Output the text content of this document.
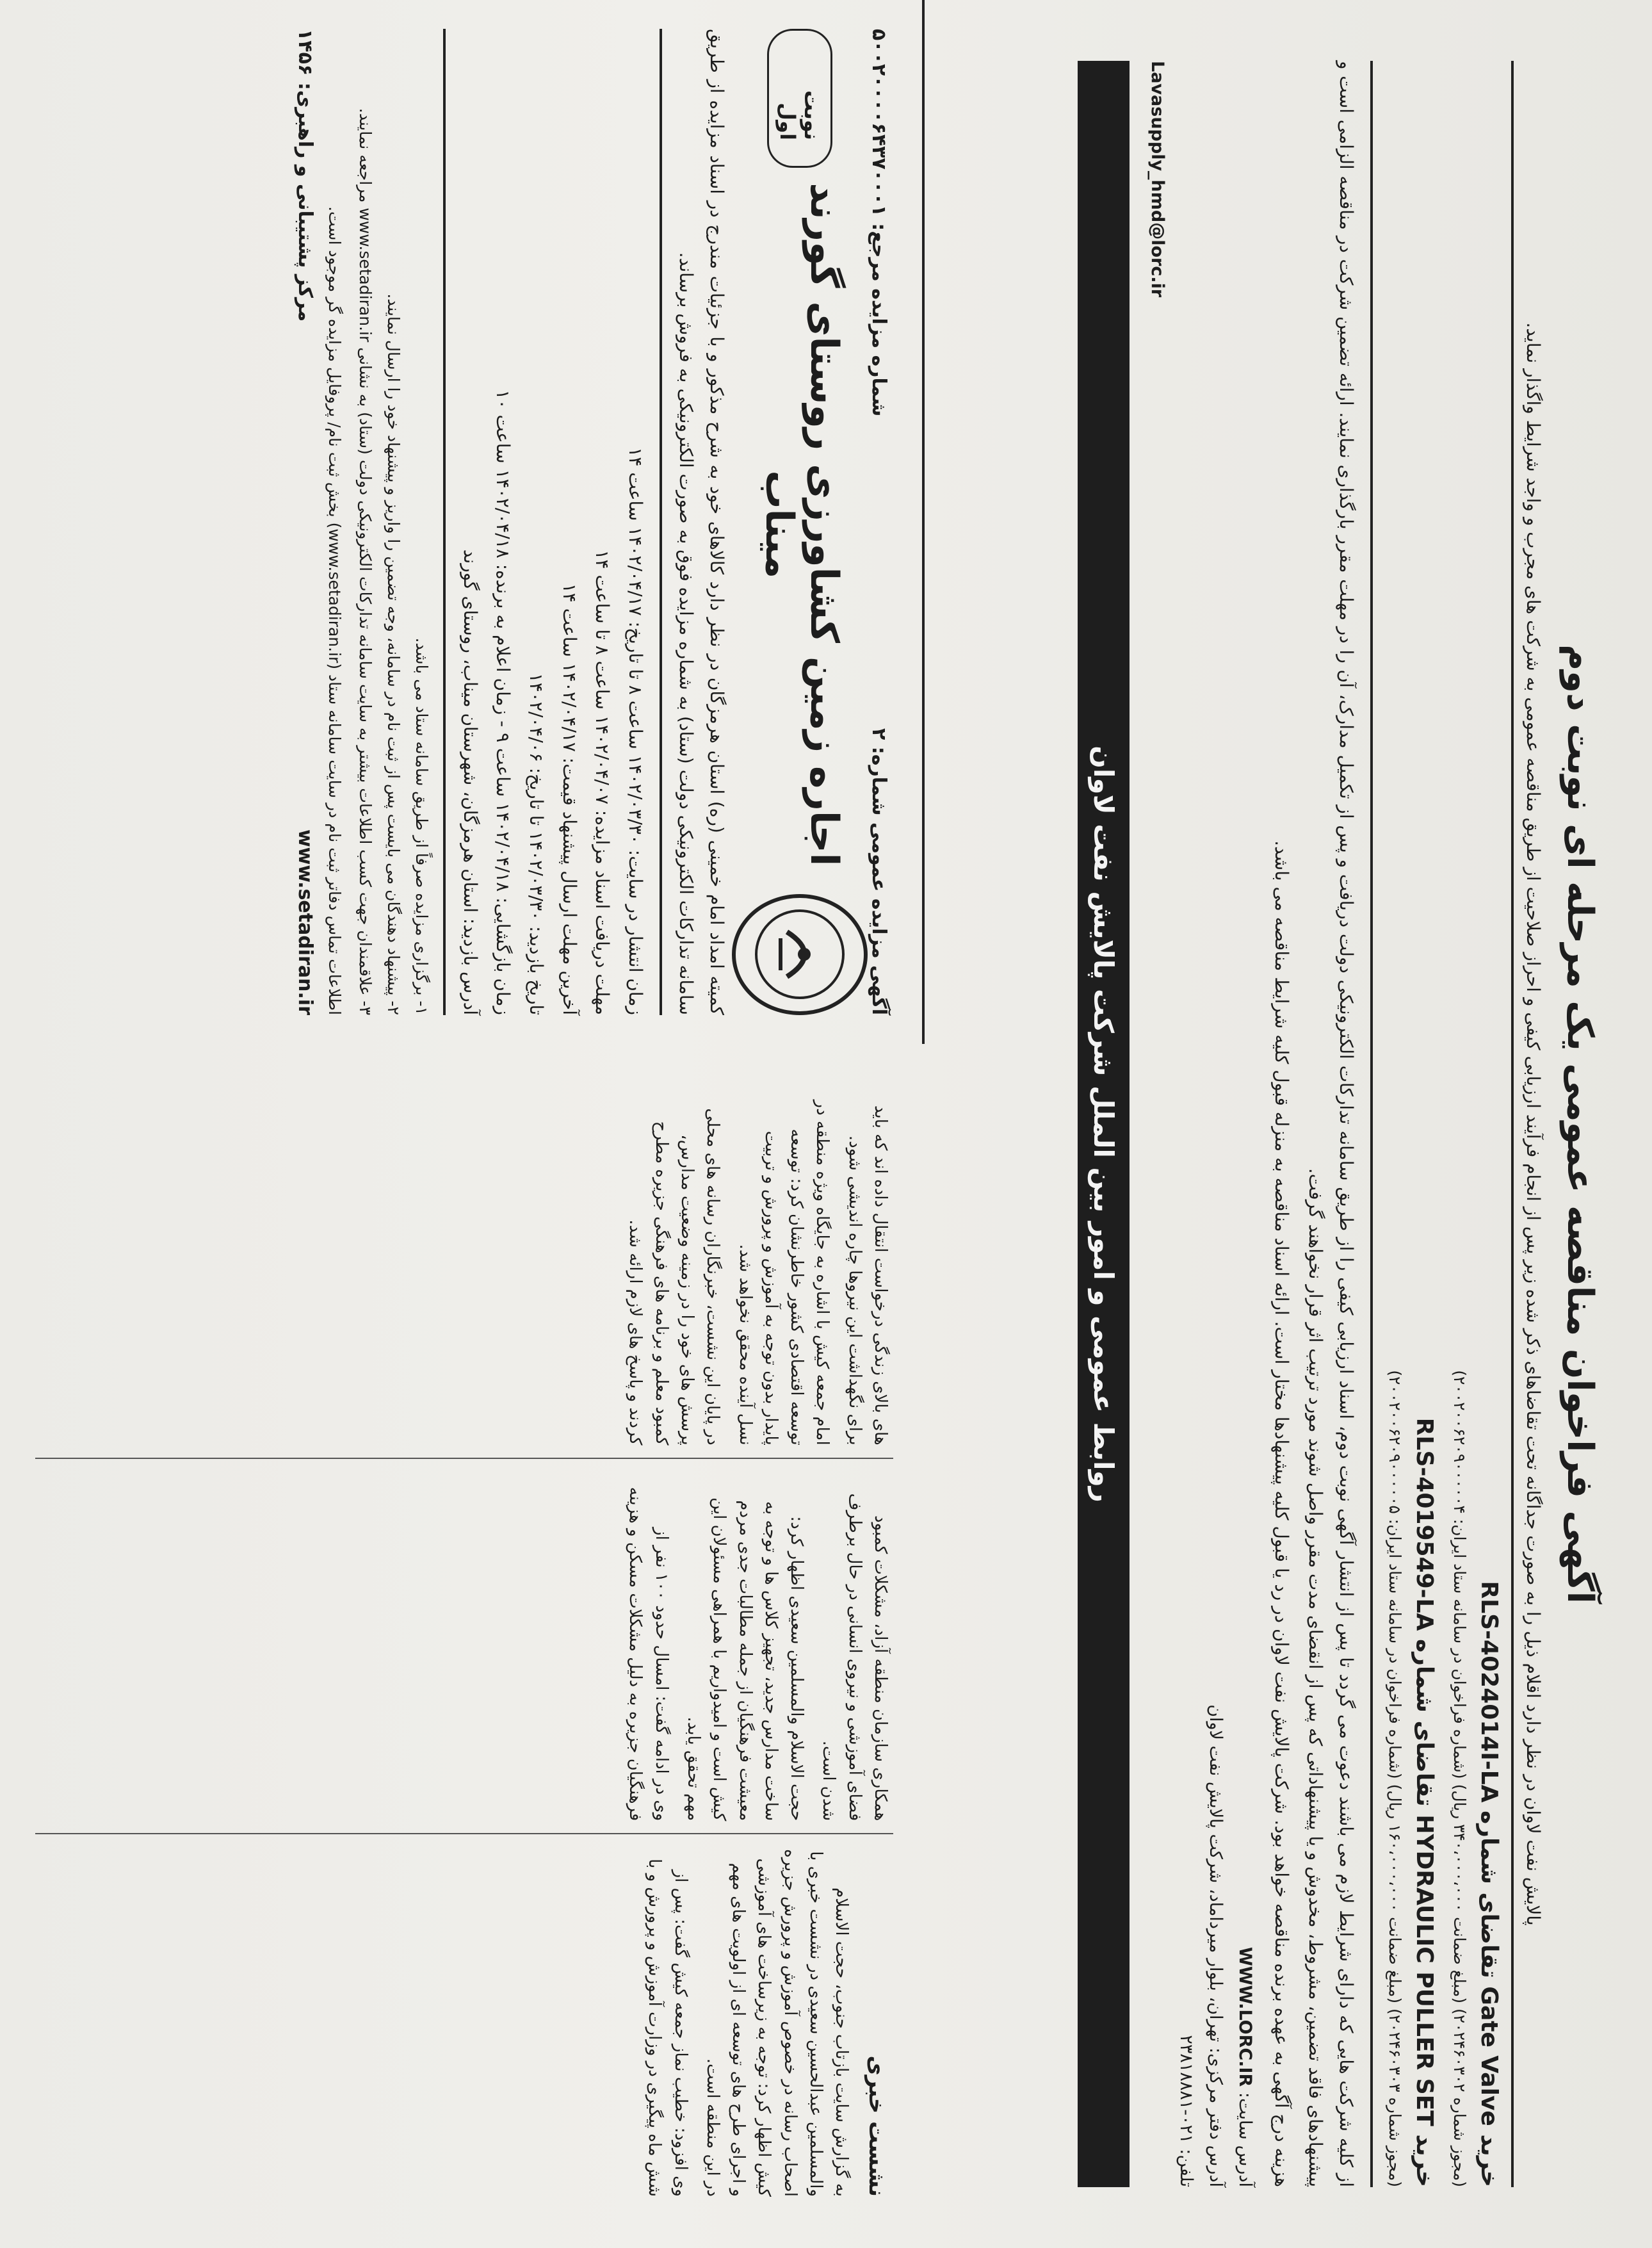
آگهی مزایده عمومی شماره: ۲
شماره مزایده مرجع: ۵۰۰۲۰۰۰۰۶۴۳۷۰۰۰۱
اجاره زمین کشاورزی روستای گورند میناب
نوبت اول
کمیته امداد امام خمینی (ره) استان هرمزگان در نظر دارد کالاهای خود به شرح مذکور و با جزئیات مندرج در اسناد مزایده از طریق سامانه تدارکات الکترونیکی دولت (ستاد) به شماره مزایده فوق به صورت الکترونیکی به فروش برساند.
زمان انتشار در سایت: ۱۴۰۲/۰۳/۳۰ ساعت ۸ تا تاریخ: ۱۴۰۲/۰۴/۱۷ ساعت ۱۴
مهلت دریافت اسناد مزایده: ۱۴۰۲/۰۴/۰۷ ساعت ۸ تا ساعت ۱۴
آخرین مهلت ارسال پیشنهاد قیمت: ۱۴۰۲/۰۴/۱۷ ساعت ۱۴
تاریخ بازدید: ۱۴۰۲/۰۳/۳۰ تا تاریخ: ۱۴۰۲/۰۴/۰۶
زمان بازگشایی: ۱۴۰۲/۰۴/۱۸ ساعت ۹ - زمان اعلام به برنده: ۱۴۰۲/۰۴/۱۸ ساعت ۱۰
آدرس بازدید: استان هرمزگان، شهرستان میناب، روستای گورند
۱- برگزاری مزایده صرفاً از طریق سامانه ستاد می باشد.
۲- پیشنهاد دهندگان می بایست پس از ثبت نام در سامانه، وجه تضمین را واریز و پیشنهاد خود را ارسال نمایند.
۳- علاقمندان جهت کسب اطلاعات بیشتر به سایت سامانه تدارکات الکترونیکی دولت (ستاد) به نشانی www.setadiran.ir مراجعه نمایند.
اطلاعات تماس دفاتر ثبت نام در سایت سامانه ستاد (www.setadiran.ir) بخش ثبت نام/ پروفایل مزایده گر موجود است.
www.setadiran.ir
مرکز پشتیبانی و راهبری: ۱۴۵۶
نشست خبری

به گزارش سایت بازتاب جنوب، حجت الاسلام والمسلمین عبدالحسین سعیدی در نشست خبری با اصحاب رسانه در خصوص آموزش و پرورش جزیره کیش اظهار کرد: توجه به زیرساخت های آموزشی و اجرای طرح های توسعه ای از اولویت های مهم در این منطقه است.

وی افزود: خطیب نماز جمعه کیش گفت: پس از شش ماه پیگیری در وزارت آموزش و پرورش و با همکاری سازمان منطقه آزاد، مشکلات کمبود فضای آموزشی و نیروی انسانی در حال برطرف شدن است.

حجت الاسلام والمسلمین سعیدی اظهار کرد: ساخت مدارس جدید، تجهیز کلاس ها و توجه به معیشت فرهنگیان از جمله مطالبات جدی مردم کیش است و امیدواریم با همراهی مسئولان این مهم تحقق یابد.

وی در ادامه گفت: امسال حدود ۱۰۰ نفر از فرهنگیان جزیره به دلیل مشکلات مسکن و هزینه های بالای زندگی درخواست انتقال داده اند که باید برای نگهداشت این نیروها چاره اندیشی شود.

امام جمعه کیش با اشاره به جایگاه ویژه منطقه در توسعه اقتصادی کشور خاطرنشان کرد: توسعه پایدار بدون توجه به آموزش و پرورش و تربیت نسل آینده محقق نخواهد شد.

در پایان این نشست، خبرنگاران رسانه های محلی پرسش های خود را در زمینه وضعیت مدارس، کمبود معلم و برنامه های فرهنگی جزیره مطرح کردند و پاسخ های لازم ارائه شد.	آگهی فراخوان مناقصه عمومی یک مرحله ای نوبت دوم
پالایش نفت لاوان در نظر دارد اقلام ذیل را به صورت جداگانه تحت تقاضاهای ذکر شده زیر پس از انجام فرآیند ارزیابی کیفی و احراز صلاحیت از طریق مناقصه عمومی به شرکت های مجرب و واجد شرایط واگذار نماید.
خرید Gate Valve تقاضای شماره RLS-4024014I-LA
(مجوز شماره ۲۰۲۴۶۰۳۰۲) (مبلغ ضمانت ۳۴۰،۰۰۰،۰۰۰ ریال) (شماره فراخوان در سامانه ستاد ایران: ۲۰۰۲۰۰۶۲۰۹۰۰۰۰۰۴)
خرید HYDRAULIC PULLER SET تقاضای شماره RLS-4019549-LA
(مجوز شماره ۲۰۲۴۶۰۳۰۳) (مبلغ ضمانت ۱۶۰،۰۰۰،۰۰۰ ریال) (شماره فراخوان در سامانه ستاد ایران: ۲۰۰۲۰۰۶۲۰۹۰۰۰۰۰۵)
از کلیه شرکت هایی که دارای شرایط لازم می باشند دعوت می گردد تا پس از انتشار آگهی نوبت دوم، اسناد ارزیابی کیفی را از طریق سامانه تدارکات الکترونیکی دولت دریافت و پس از تکمیل مدارک، آن را در مهلت مقرر بارگذاری نمایند. ارائه تضمین شرکت در مناقصه الزامی است و پیشنهادهای فاقد تضمین، مشروط، مخدوش و یا پیشنهاداتی که پس از انقضای مدت مقرر واصل شوند مورد ترتیب اثر قرار نخواهند گرفت.
هزینه درج آگهی به عهده برنده مناقصه خواهد بود. شرکت پالایش نفت لاوان در رد یا قبول کلیه پیشنهادها مختار است. ارائه اسناد مناقصه به منزله قبول کلیه شرایط مناقصه می باشد.
آدرس سایت: WWW.LORC.IR
آدرس دفتر مرکزی: تهران، بلوار میرداماد، شرکت پالایش نفت لاوان
تلفن: ۰۲۱-۲۳۸۱۸۸۸۱
Lavasupply_hmd@lorc.ir
روابط عمومی و امور بین الملل شرکت پالایش نفت لاوان
